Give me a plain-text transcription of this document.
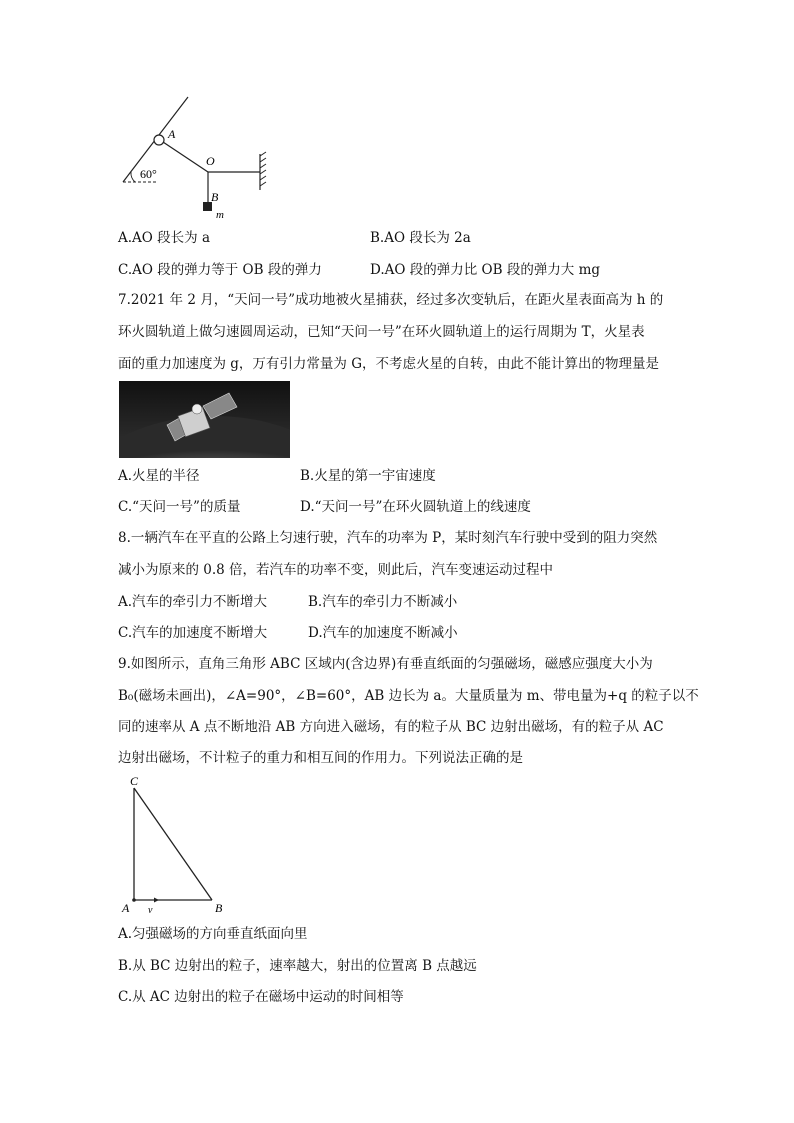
A
O
B
m
60°
A.AO 段长为 a	B.AO 段长为 2a
C.AO 段的弹力等于 OB 段的弹力	D.AO 段的弹力比 OB 段的弹力大 mg
7.2021 年 2 月，“天问一号”成功地被火星捕获，经过多次变轨后，在距火星表面高为 h 的
环火圆轨道上做匀速圆周运动，已知“天问一号”在环火圆轨道上的运行周期为 T，火星表
面的重力加速度为 g，万有引力常量为 G，不考虑火星的自转，由此不能计算出的物理量是
A.火星的半径	B.火星的第一宇宙速度
C.“天问一号”的质量	D.“天问一号”在环火圆轨道上的线速度
8.一辆汽车在平直的公路上匀速行驶，汽车的功率为 P，某时刻汽车行驶中受到的阻力突然
减小为原来的 0.8 倍，若汽车的功率不变，则此后，汽车变速运动过程中
A.汽车的牵引力不断增大	B.汽车的牵引力不断减小
C.汽车的加速度不断增大	D.汽车的加速度不断减小
9.如图所示，直角三角形 ABC 区域内(含边界)有垂直纸面的匀强磁场，磁感应强度大小为
B₀(磁场未画出)，∠A=90°，∠B=60°，AB 边长为 a。大量质量为 m、带电量为+q 的粒子以不
同的速率从 A 点不断地沿 AB 方向进入磁场，有的粒子从 BC 边射出磁场，有的粒子从 AC
边射出磁场，不计粒子的重力和相互间的作用力。下列说法正确的是
C
A	B
v
A.匀强磁场的方向垂直纸面向里
B.从 BC 边射出的粒子，速率越大，射出的位置离 B 点越远
C.从 AC 边射出的粒子在磁场中运动的时间相等
